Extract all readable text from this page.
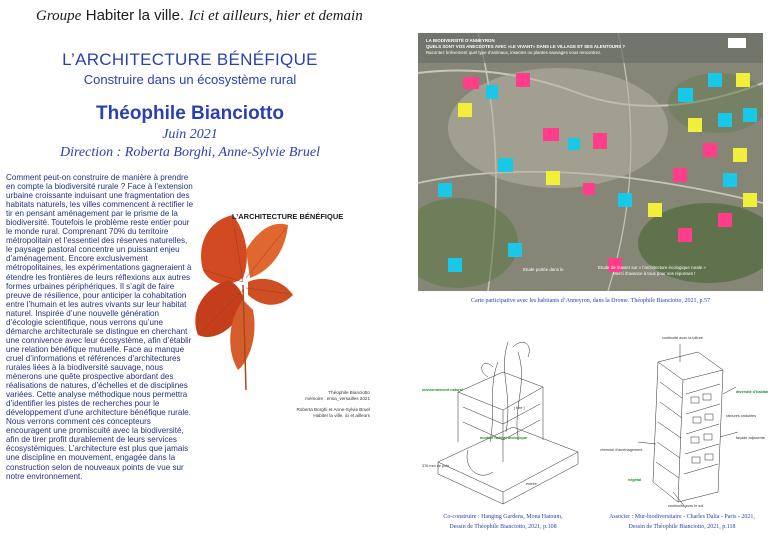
Groupe Habiter la ville. Ici et ailleurs, hier et demain
L’ARCHITECTURE BÉNÉFIQUE
Construire dans un écosystème rural
Théophile Bianciotto
Juin 2021
Direction : Roberta Borghi, Anne-Sylvie Bruel
Comment peut-on construire de manière à prendre en compte la biodiversité rurale ? Face à l’extension urbaine croissante induisant une fragmentation des habitats naturels, les villes commencent à rectifier le tir en pensant aménagement par le prisme de la biodiversité. Toutefois le problème reste entier pour le monde rural. Comprenant 70% du territoire métropolitain et l’essentiel des réserves naturelles, le paysage pastoral concentre un puissant enjeu d’aménagement. Encore exclusivement métropolitaines, les expérimentations gagneraient à étendre les frontières de leurs réflexions aux autres formes urbaines périphériques. Il s’agit de faire preuve de résilience, pour anticiper la cohabitation entre l’humain et les autres vivants sur leur habitat naturel. Inspirée d’une nouvelle génération d’écologie scientifique, nous verrons qu’une démarche architecturale se distingue en cherchant une connivence avec leur écosystème, afin d’établir une relation bénéfique mutuelle. Face au manque cruel d’informations et références d’architectures rurales liées à la biodiversité sauvage, nous mènerons une quête prospective abordant des réalisations de natures, d’échelles et de disciplines variées. Cette analyse méthodique nous permettra d’identifier les pistes de recherches pour le développement d’une architecture bénéfique rurale. Nous verrons comment ces concepteurs encouragent une promiscuité avec la biodiversité, afin de tirer profit durablement de leurs services écosystémiques. L’architecture est plus que jamais une discipline en mouvement, engagée dans la construction selon de nouveaux points de vue sur notre environnement.
L’ARCHITECTURE BÉNÉFIQUE
Théophile Bianciotto
mémoire . ensa_versailles 2021
Roberta Borghi et Anne-Sylvie Bruel
Habiter la ville, ici et ailleurs
LA BIODIVERSITÉ D’ANNEYRON
QUELS SONT VOS ANECDOTES AVEC «LE VIVANT» DANS LE VILLAGE ET SES ALENTOURS ?
Racontez brièvement quel type d’animaux, insectes ou plantes sauvages vous rencontrez.
Etude portée dans le	Etude de master sur « l’architecture écologique rurale »
Merci d’avance à tous pour vos réponses !
Carte participative avec les habitants d’Anneyron, dans la Drome. Théophile Bianciotto, 2021, p.57
environnement naturel
modèle habitat biologique
[ titre ]
entrée
376 mm de pots
Co-construire : Hanging Gardens, Mona Hatoum,
Dessin de Théophile Bianciotto, 2021, p.108
continuité avec la toiture
diversité d’habitat
rainures ondulées
façade adjacente
chemise d’aménagement
végétal
continuité avec le sol
Associer : Mur-biodiversitaire - Charles Dalia - Paris - 2021,
Dessin de Théophile Bianciotto, 2021, p.118
